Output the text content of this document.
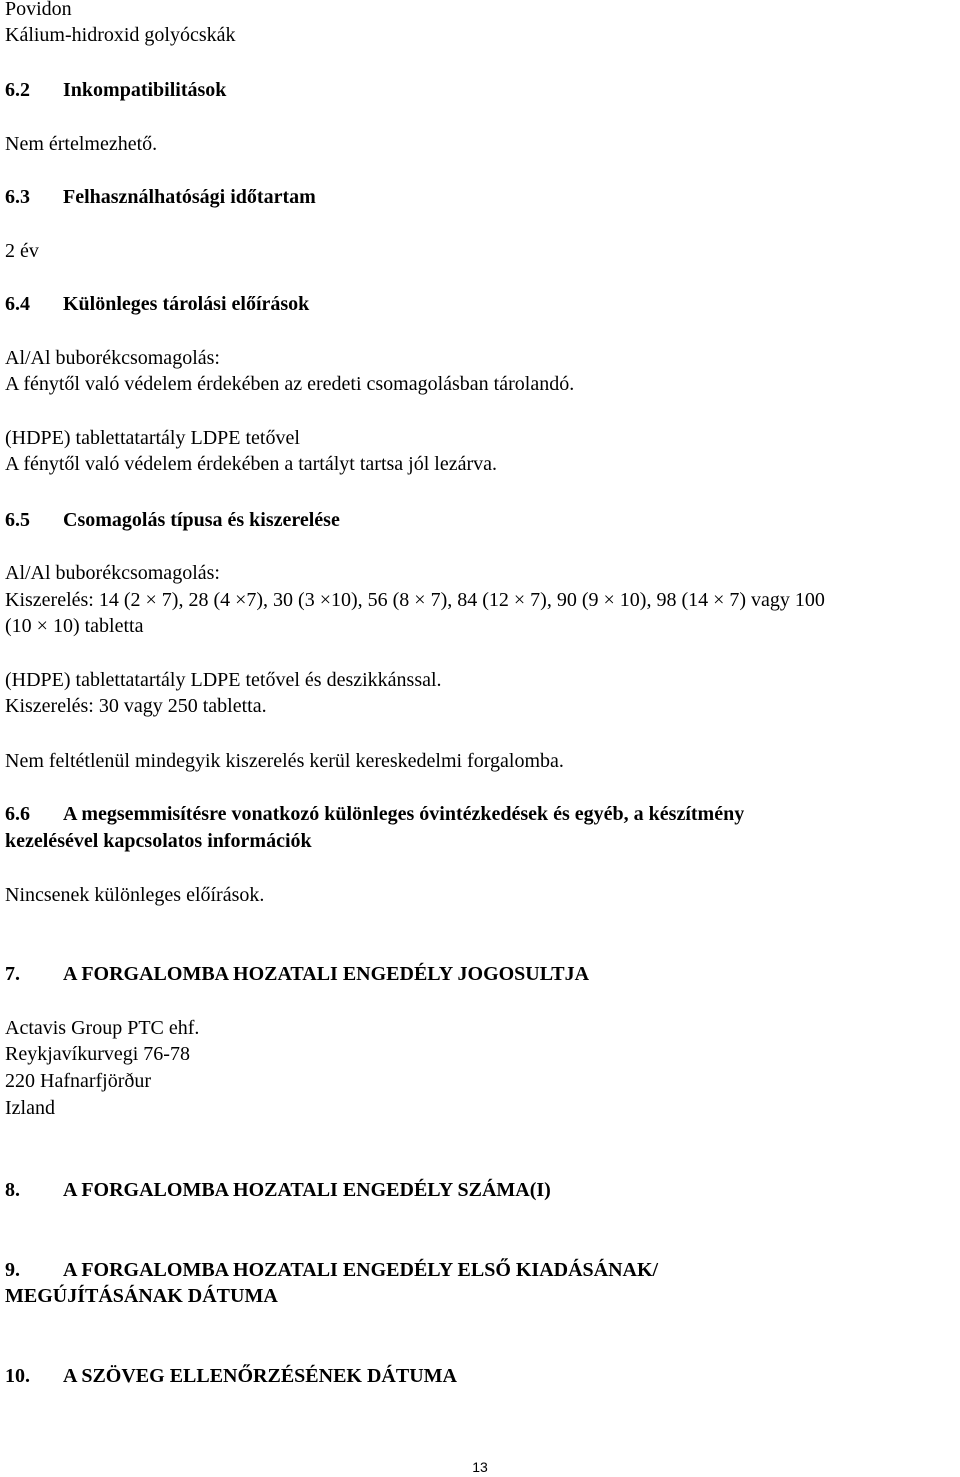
Povidon
Kálium-hidroxid golyócskák
6.2 Inkompatibilitások
Nem értelmezhető.
6.3 Felhasználhatósági időtartam
2 év
6.4 Különleges tárolási előírások
Al/Al buborékcsomagolás:
A fénytől való védelem érdekében az eredeti csomagolásban tárolandó.
(HDPE) tablettatartály LDPE tetővel
A fénytől való védelem érdekében a tartályt tartsa jól lezárva.
6.5 Csomagolás típusa és kiszerelése
Al/Al buborékcsomagolás:
Kiszerelés: 14 (2 × 7), 28 (4 ×7), 30 (3 ×10), 56 (8 × 7), 84 (12 × 7), 90 (9 × 10), 98 (14 × 7) vagy 100
(10 × 10) tabletta
(HDPE) tablettatartály LDPE tetővel és deszikkánssal.
Kiszerelés: 30 vagy 250 tabletta.
Nem feltétlenül mindegyik kiszerelés kerül kereskedelmi forgalomba.
6.6 A megsemmisítésre vonatkozó különleges óvintézkedések és egyéb, a készítmény
kezelésével kapcsolatos információk
Nincsenek különleges előírások.
7. A FORGALOMBA HOZATALI ENGEDÉLY JOGOSULTJA
Actavis Group PTC ehf.
Reykjavíkurvegi 76-78
220 Hafnarfjörður
Izland
8. A FORGALOMBA HOZATALI ENGEDÉLY SZÁMA(I)
9. A FORGALOMBA HOZATALI ENGEDÉLY ELSŐ KIADÁSÁNAK/
MEGÚJÍTÁSÁNAK DÁTUMA
10. A SZÖVEG ELLENŐRZÉSÉNEK DÁTUMA
13
